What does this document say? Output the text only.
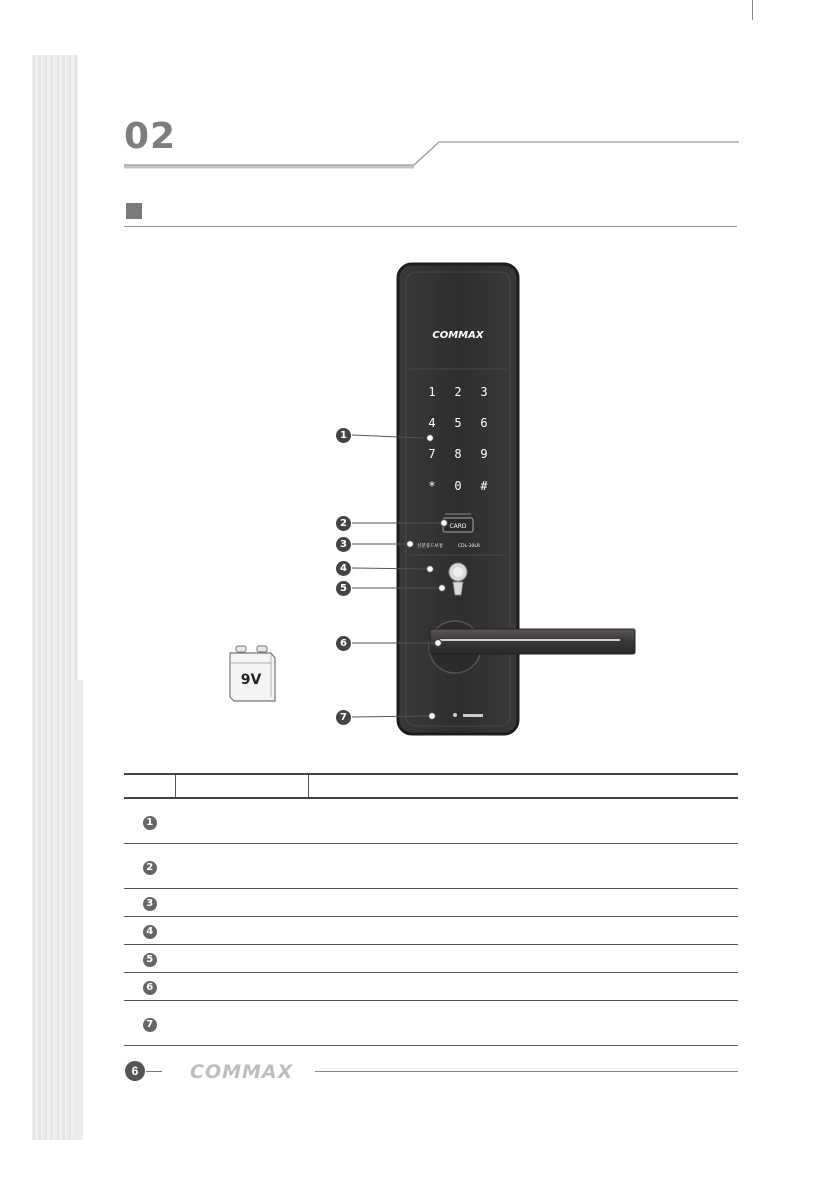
02
COMMAX
1 2 3
4 5 6
7 8 9
* 0 #
CARD
신분증드보통	CDL-30LR
1
2
3
4
5
6
7
9V

1		
2		
3		
4		
5		
6		
7		
6	COMMAX
